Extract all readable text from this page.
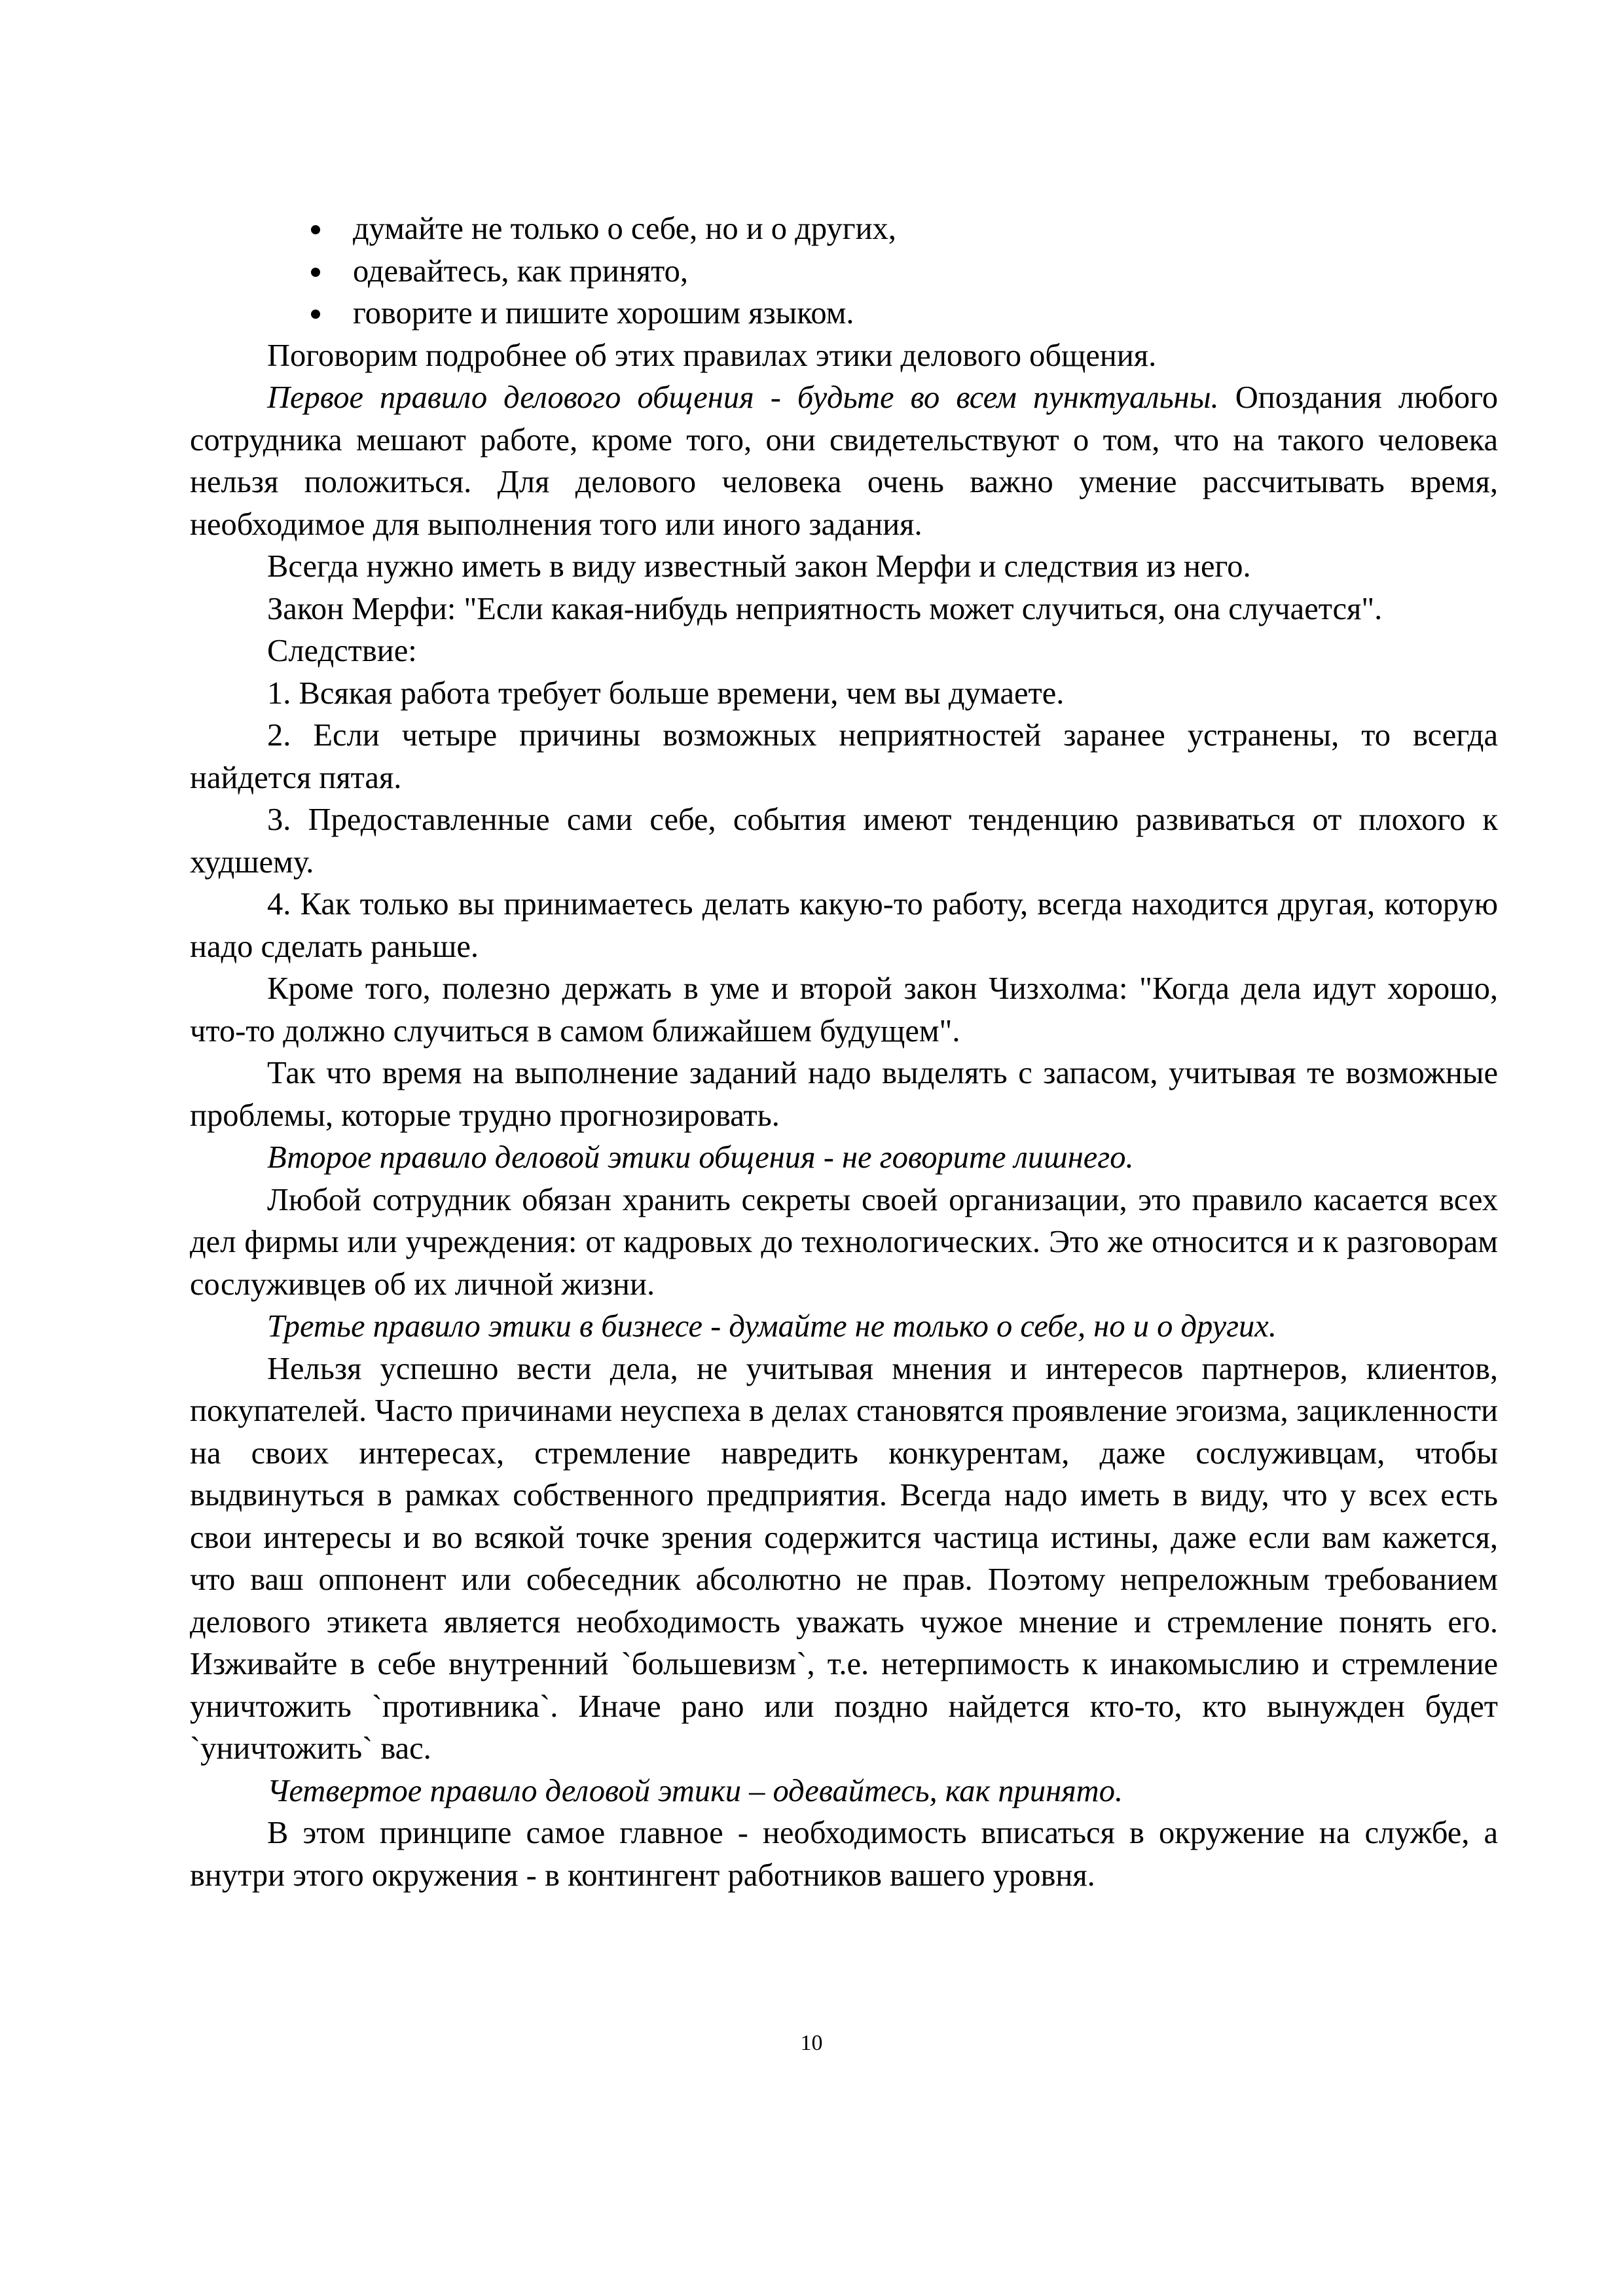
думайте не только о себе, но и о других,
одевайтесь, как принято,
говорите и пишите хорошим языком.

Поговорим подробнее об этих правилах этики делового общения.

Первое правило делового общения - будьте во всем пунктуальны. Опоздания любого сотрудника мешают работе, кроме того, они свидетельствуют о том, что на такого человека нельзя положиться. Для делового человека очень важно умение рассчитывать время, необходимое для выполнения того или иного задания.

Всегда нужно иметь в виду известный закон Мерфи и следствия из него.

Закон Мерфи: "Если какая-нибудь неприятность может случиться, она случается".

Следствие:

1. Всякая работа требует больше времени, чем вы думаете.

2. Если четыре причины возможных неприятностей заранее устранены, то всегда найдется пятая.

3. Предоставленные сами себе, события имеют тенденцию развиваться от плохого к худшему.

4. Как только вы принимаетесь делать какую-то работу, всегда находится другая, которую надо сделать раньше.

Кроме того, полезно держать в уме и второй закон Чизхолма: "Когда дела идут хорошо, что-то должно случиться в самом ближайшем будущем".

Так что время на выполнение заданий надо выделять с запасом, учитывая те возможные проблемы, которые трудно прогнозировать.

Второе правило деловой этики общения - не говорите лишнего.

Любой сотрудник обязан хранить секреты своей организации, это правило касается всех дел фирмы или учреждения: от кадровых до технологических. Это же относится и к разговорам сослуживцев об их личной жизни.

Третье правило этики в бизнесе - думайте не только о себе, но и о других.

Нельзя успешно вести дела, не учитывая мнения и интересов партнеров, клиентов, покупателей. Часто причинами неуспеха в делах становятся проявление эгоизма, зацикленности на своих интересах, стремление навредить конкурентам, даже сослуживцам, чтобы выдвинуться в рамках собственного предприятия. Всегда надо иметь в виду, что у всех есть свои интересы и во всякой точке зрения содержится частица истины, даже если вам кажется, что ваш оппонент или собеседник абсолютно не прав. Поэтому непреложным требованием делового этикета является необходимость уважать чужое мнение и стремление понять его. Изживайте в себе внутренний `большевизм`, т.е. нетерпимость к инакомыслию и стремление уничтожить `противника`. Иначе рано или поздно найдется кто-то, кто вынужден будет `уничтожить` вас.

Четвертое правило деловой этики – одевайтесь, как принято.

В этом принципе самое главное - необходимость вписаться в окружение на службе, а внутри этого окружения - в контингент работников вашего уровня.

10
